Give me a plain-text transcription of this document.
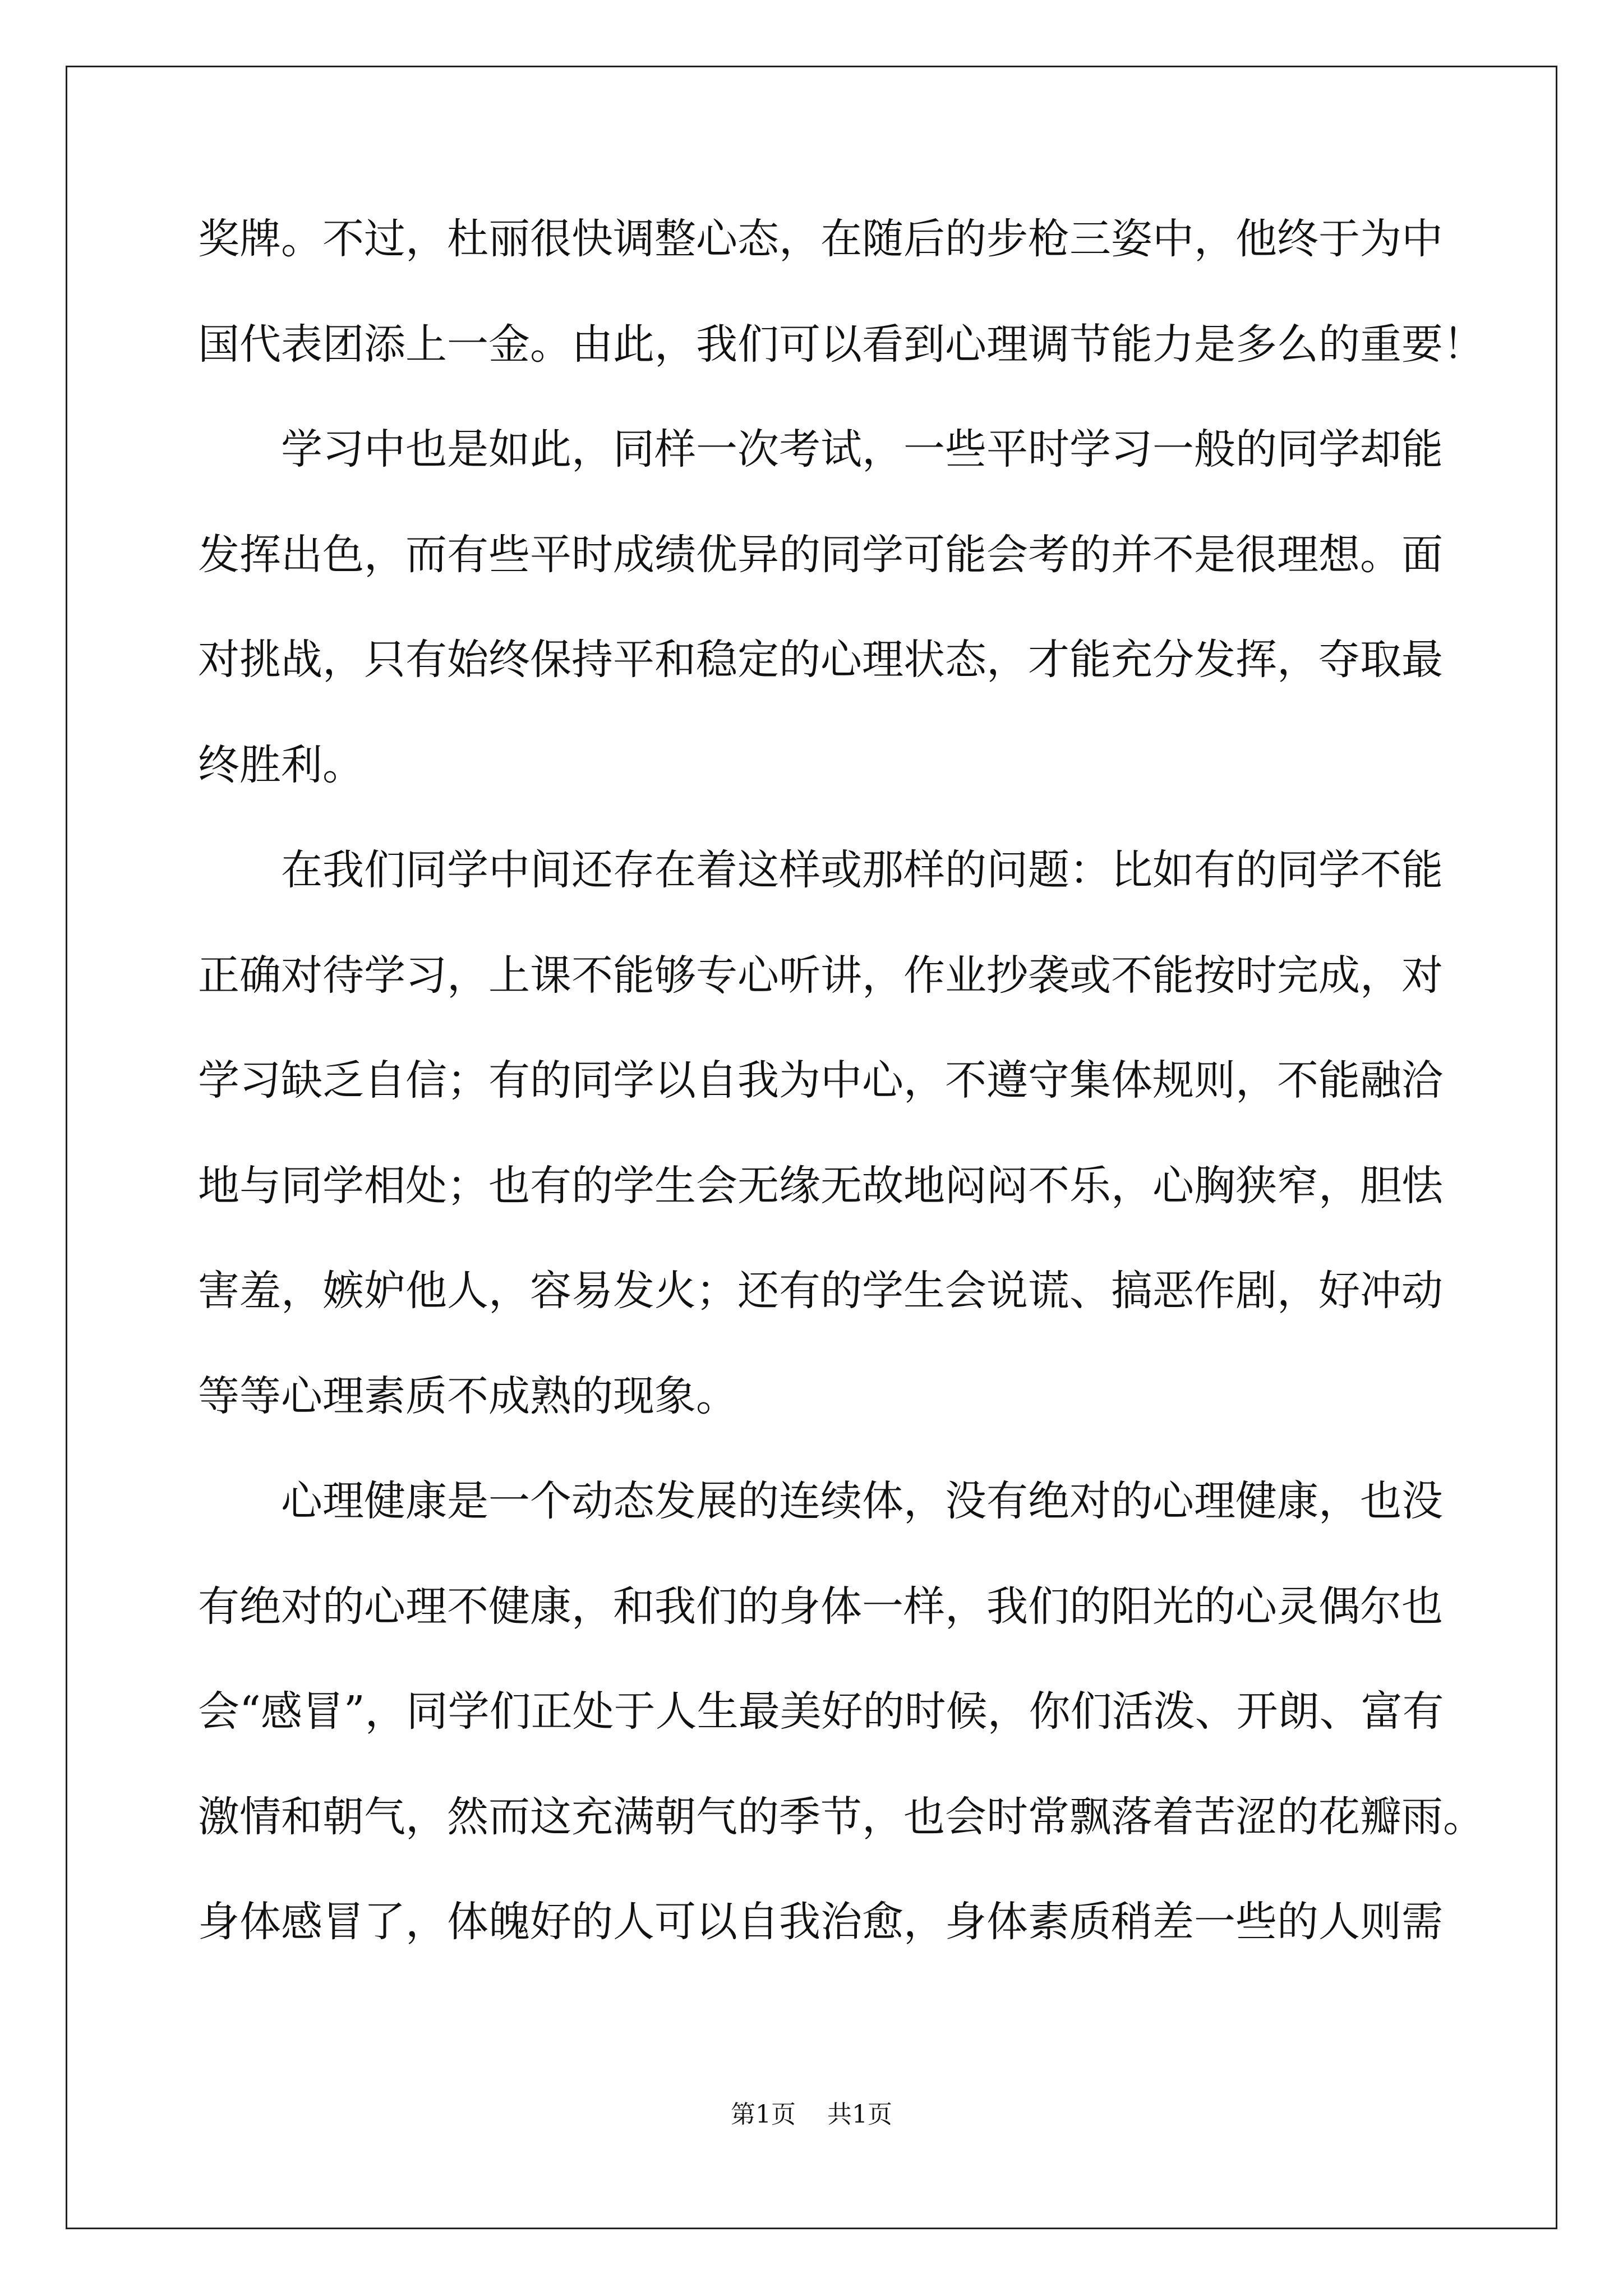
奖牌。不过，杜丽很快调整心态，在随后的步枪三姿中，他终于为中
国代表团添上一金。由此，我们可以看到心理调节能力是多么的重要！
　　学习中也是如此，同样一次考试，一些平时学习一般的同学却能
发挥出色，而有些平时成绩优异的同学可能会考的并不是很理想。面
对挑战，只有始终保持平和稳定的心理状态，才能充分发挥，夺取最
终胜利。
　　在我们同学中间还存在着这样或那样的问题：比如有的同学不能
正确对待学习，上课不能够专心听讲，作业抄袭或不能按时完成，对
学习缺乏自信；有的同学以自我为中心，不遵守集体规则，不能融洽
地与同学相处；也有的学生会无缘无故地闷闷不乐，心胸狭窄，胆怯
害羞，嫉妒他人，容易发火；还有的学生会说谎、搞恶作剧，好冲动
等等心理素质不成熟的现象。
　　心理健康是一个动态发展的连续体，没有绝对的心理健康，也没
有绝对的心理不健康，和我们的身体一样，我们的阳光的心灵偶尔也
会“感冒”，同学们正处于人生最美好的时候，你们活泼、开朗、富有
激情和朝气，然而这充满朝气的季节，也会时常飘落着苦涩的花瓣雨。
身体感冒了，体魄好的人可以自我治愈，身体素质稍差一些的人则需
第1页 共1页
